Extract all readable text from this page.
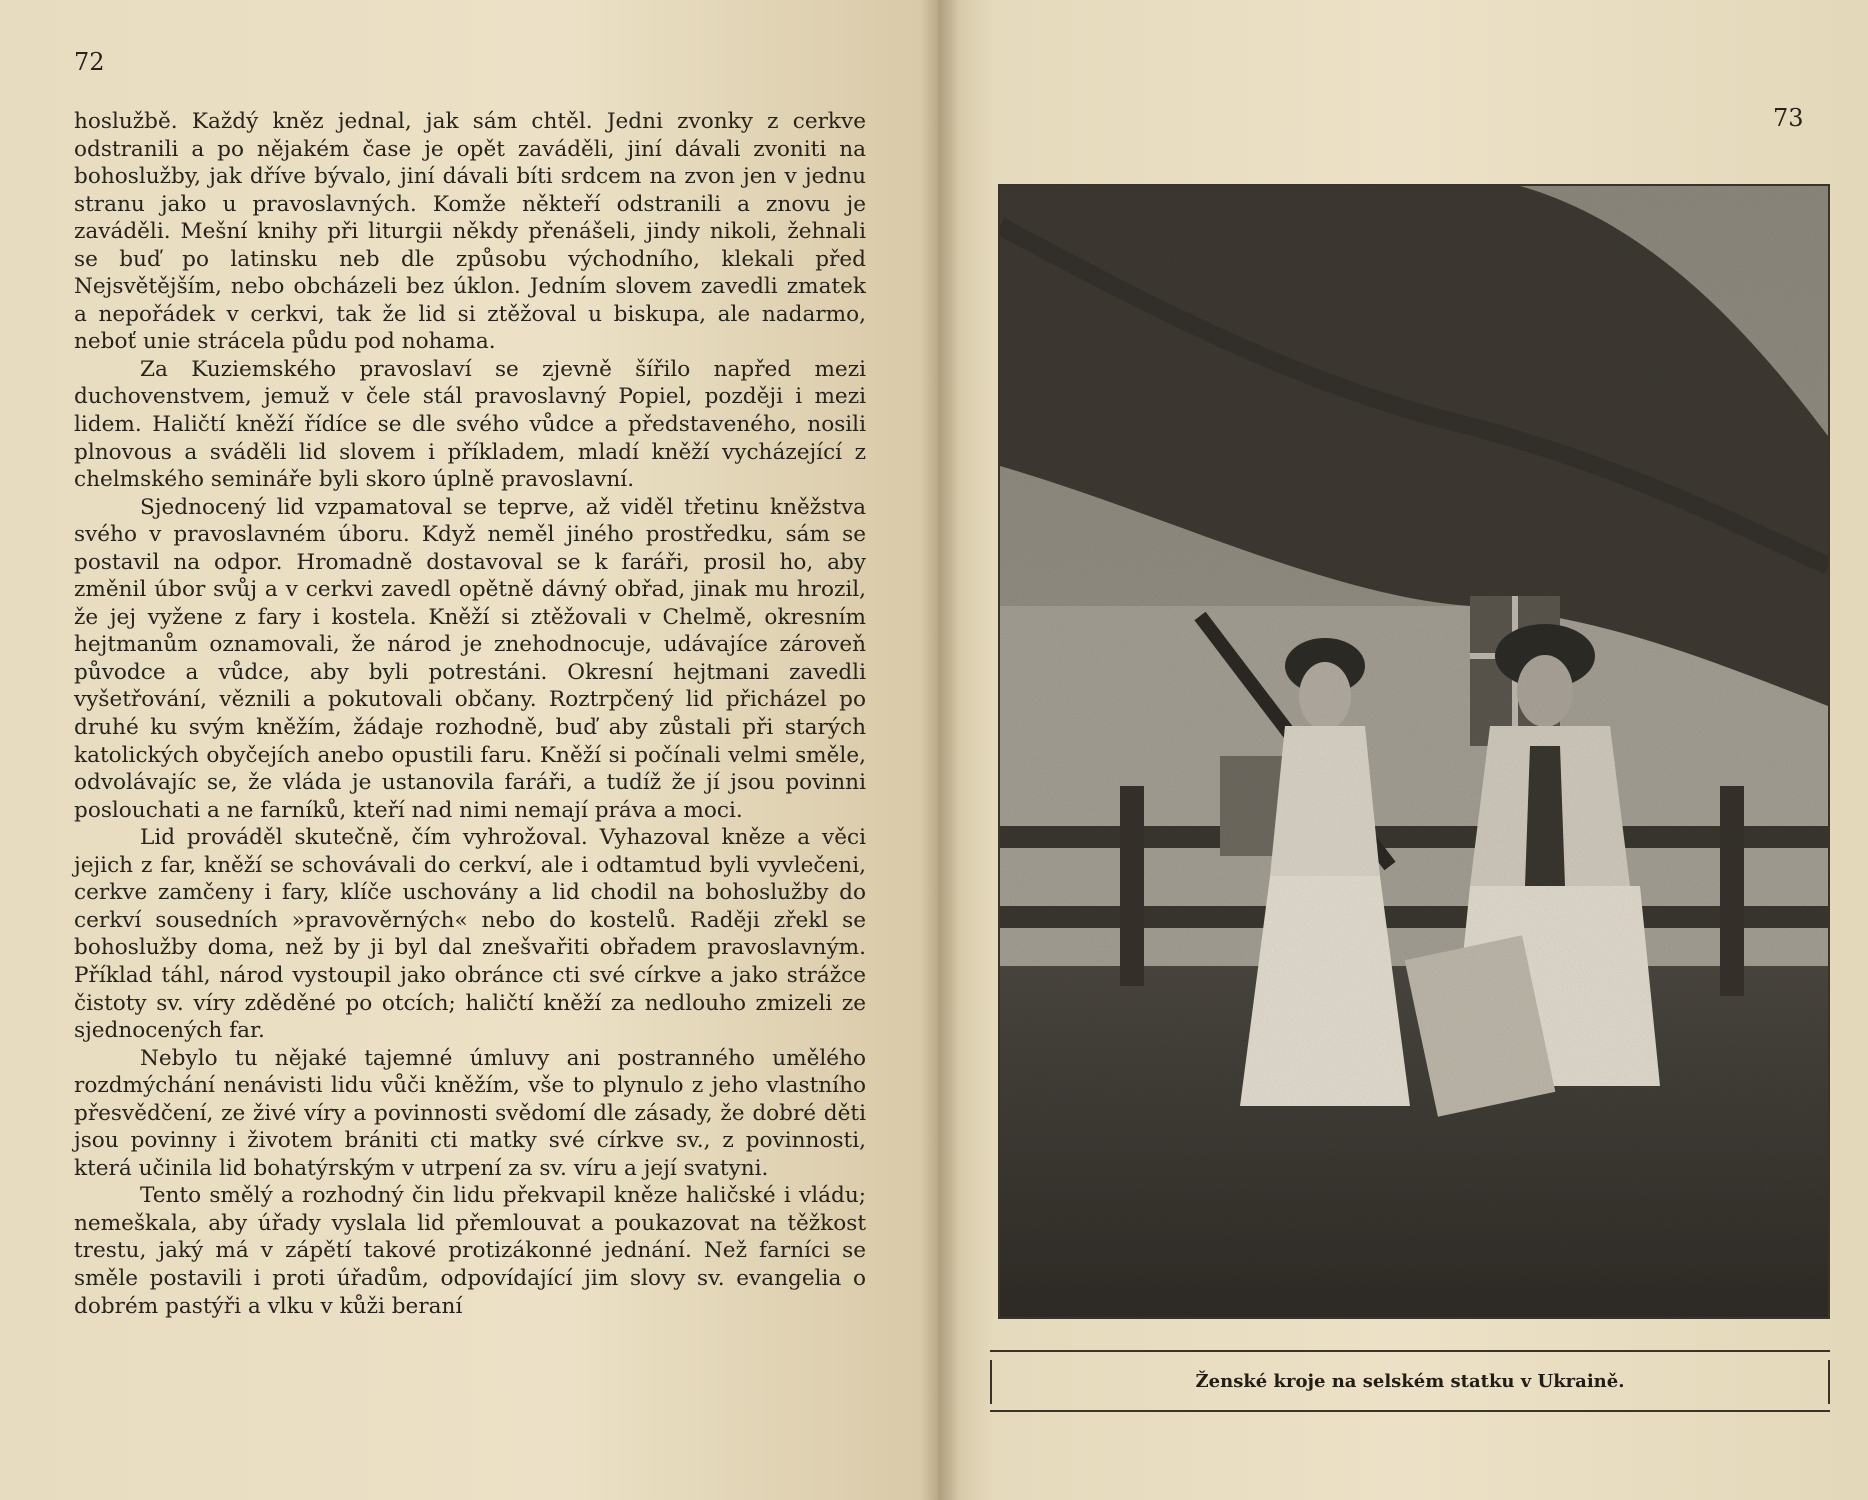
72

hoslužbě. Každý kněz jednal, jak sám chtěl. Jedni zvonky z cerkve odstranili a po nějakém čase je opět zaváděli, jiní dávali zvoniti na bohoslužby, jak dříve bývalo, jiní dávali bíti srdcem na zvon jen v jednu stranu jako u pravoslavných. Komže někteří odstranili a znovu je zaváděli. Mešní knihy při liturgii někdy přenášeli, jindy nikoli, žehnali se buď po latinsku neb dle způsobu východního, klekali před Nejsvětějším, nebo obcházeli bez úklon. Jedním slovem zavedli zmatek a nepořádek v cerkvi, tak že lid si ztěžoval u biskupa, ale nadarmo, neboť unie strácela půdu pod nohama.

Za Kuziemského pravoslaví se zjevně šířilo napřed mezi duchovenstvem, jemuž v čele stál pravoslavný Popiel, později i mezi lidem. Haličtí kněží řídíce se dle svého vůdce a představeného, nosili plnovous a sváděli lid slovem i příkladem, mladí kněží vycházející z chelmského semináře byli skoro úplně pravoslavní.

Sjednocený lid vzpamatoval se teprve, až viděl třetinu kněžstva svého v pravoslavném úboru. Když neměl jiného prostředku, sám se postavil na odpor. Hromadně dostavoval se k faráři, prosil ho, aby změnil úbor svůj a v cerkvi zavedl opětně dávný obřad, jinak mu hrozil, že jej vyžene z fary i kostela. Kněží si ztěžovali v Chelmě, okresním hejtmanům oznamovali, že národ je znehodnocuje, udávajíce zároveň původce a vůdce, aby byli potrestáni. Okresní hejtmani zavedli vyšetřování, věznili a pokutovali občany. Roztrpčený lid přicházel po druhé ku svým kněžím, žádaje rozhodně, buď aby zůstali při starých katolických obyčejích anebo opustili faru. Kněží si počínali velmi směle, odvolávajíc se, že vláda je ustanovila faráři, a tudíž že jí jsou povinni poslouchati a ne farníků, kteří nad nimi nemají práva a moci.

Lid prováděl skutečně, čím vyhrožoval. Vyhazoval kněze a věci jejich z far, kněží se schovávali do cerkví, ale i odtamtud byli vyvlečeni, cerkve zamčeny i fary, klíče uschovány a lid chodil na bohoslužby do cerkví sousedních »pravověrných« nebo do kostelů. Raději zřekl se bohoslužby doma, než by ji byl dal znešvařiti obřadem pravoslavným. Příklad táhl, národ vystoupil jako obránce cti své církve a jako strážce čistoty sv. víry zděděné po otcích; haličtí kněží za nedlouho zmizeli ze sjednocených far.

Nebylo tu nějaké tajemné úmluvy ani postranného umělého rozdmýchání nenávisti lidu vůči kněžím, vše to plynulo z jeho vlastního přesvědčení, ze živé víry a povinnosti svědomí dle zásady, že dobré děti jsou povinny i životem brániti cti matky své církve sv., z povinnosti, která učinila lid bohatýrským v utrpení za sv. víru a její svatyni.

Tento smělý a rozhodný čin lidu překvapil kněze haličské i vládu; nemeškala, aby úřady vyslala lid přemlouvat a poukazovat na těžkost trestu, jaký má v zápětí takové protizákonné jednání. Než farníci se směle postavili i proti úřadům, odpovídající jim slovy sv. evangelia o dobrém pastýři a vlku v kůži beraní

73
Ženské kroje na selském statku v Ukraině.
